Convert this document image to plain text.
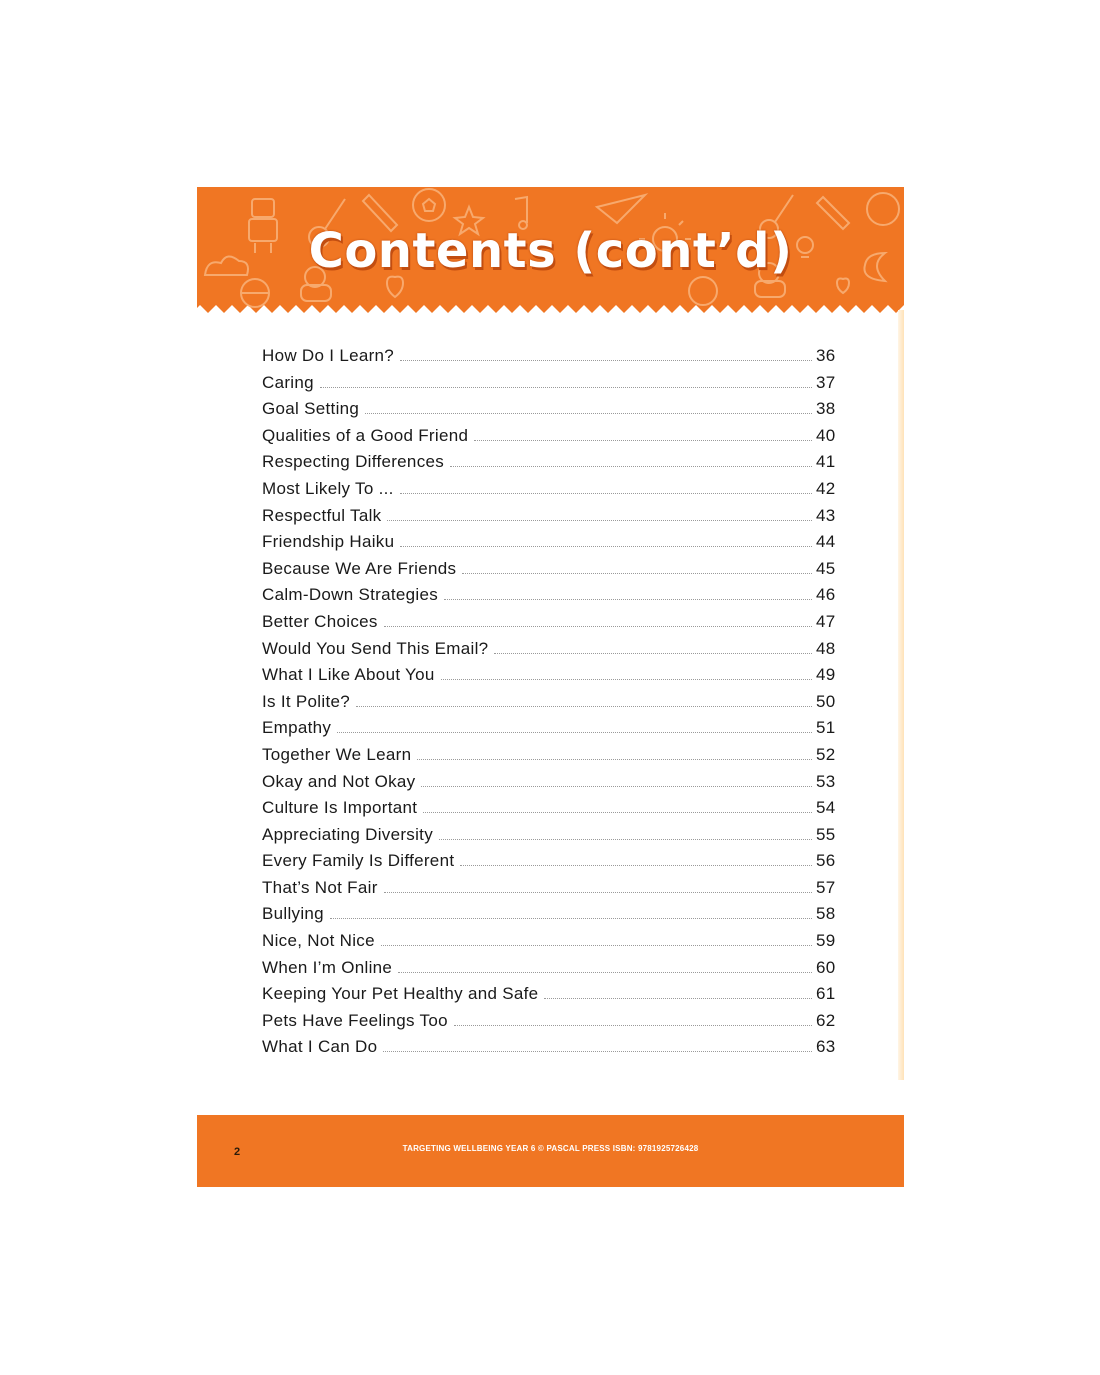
Contents (cont’d)
How Do I Learn?	36
Caring	37
Goal Setting	38
Qualities of a Good Friend	40
Respecting Differences	41
Most Likely To ...	42
Respectful Talk	43
Friendship Haiku	44
Because We Are Friends	45
Calm-Down Strategies	46
Better Choices	47
Would You Send This Email?	48
What I Like About You	49
Is It Polite?	50
Empathy	51
Together We Learn	52
Okay and Not Okay	53
Culture Is Important	54
Appreciating Diversity	55
Every Family Is Different	56
That’s Not Fair	57
Bullying	58
Nice, Not Nice	59
When I’m Online	60
Keeping Your Pet Healthy and Safe	61
Pets Have Feelings Too	62
What I Can Do	63
2	TARGETING WELLBEING YEAR 6 © PASCAL PRESS ISBN: 9781925726428
